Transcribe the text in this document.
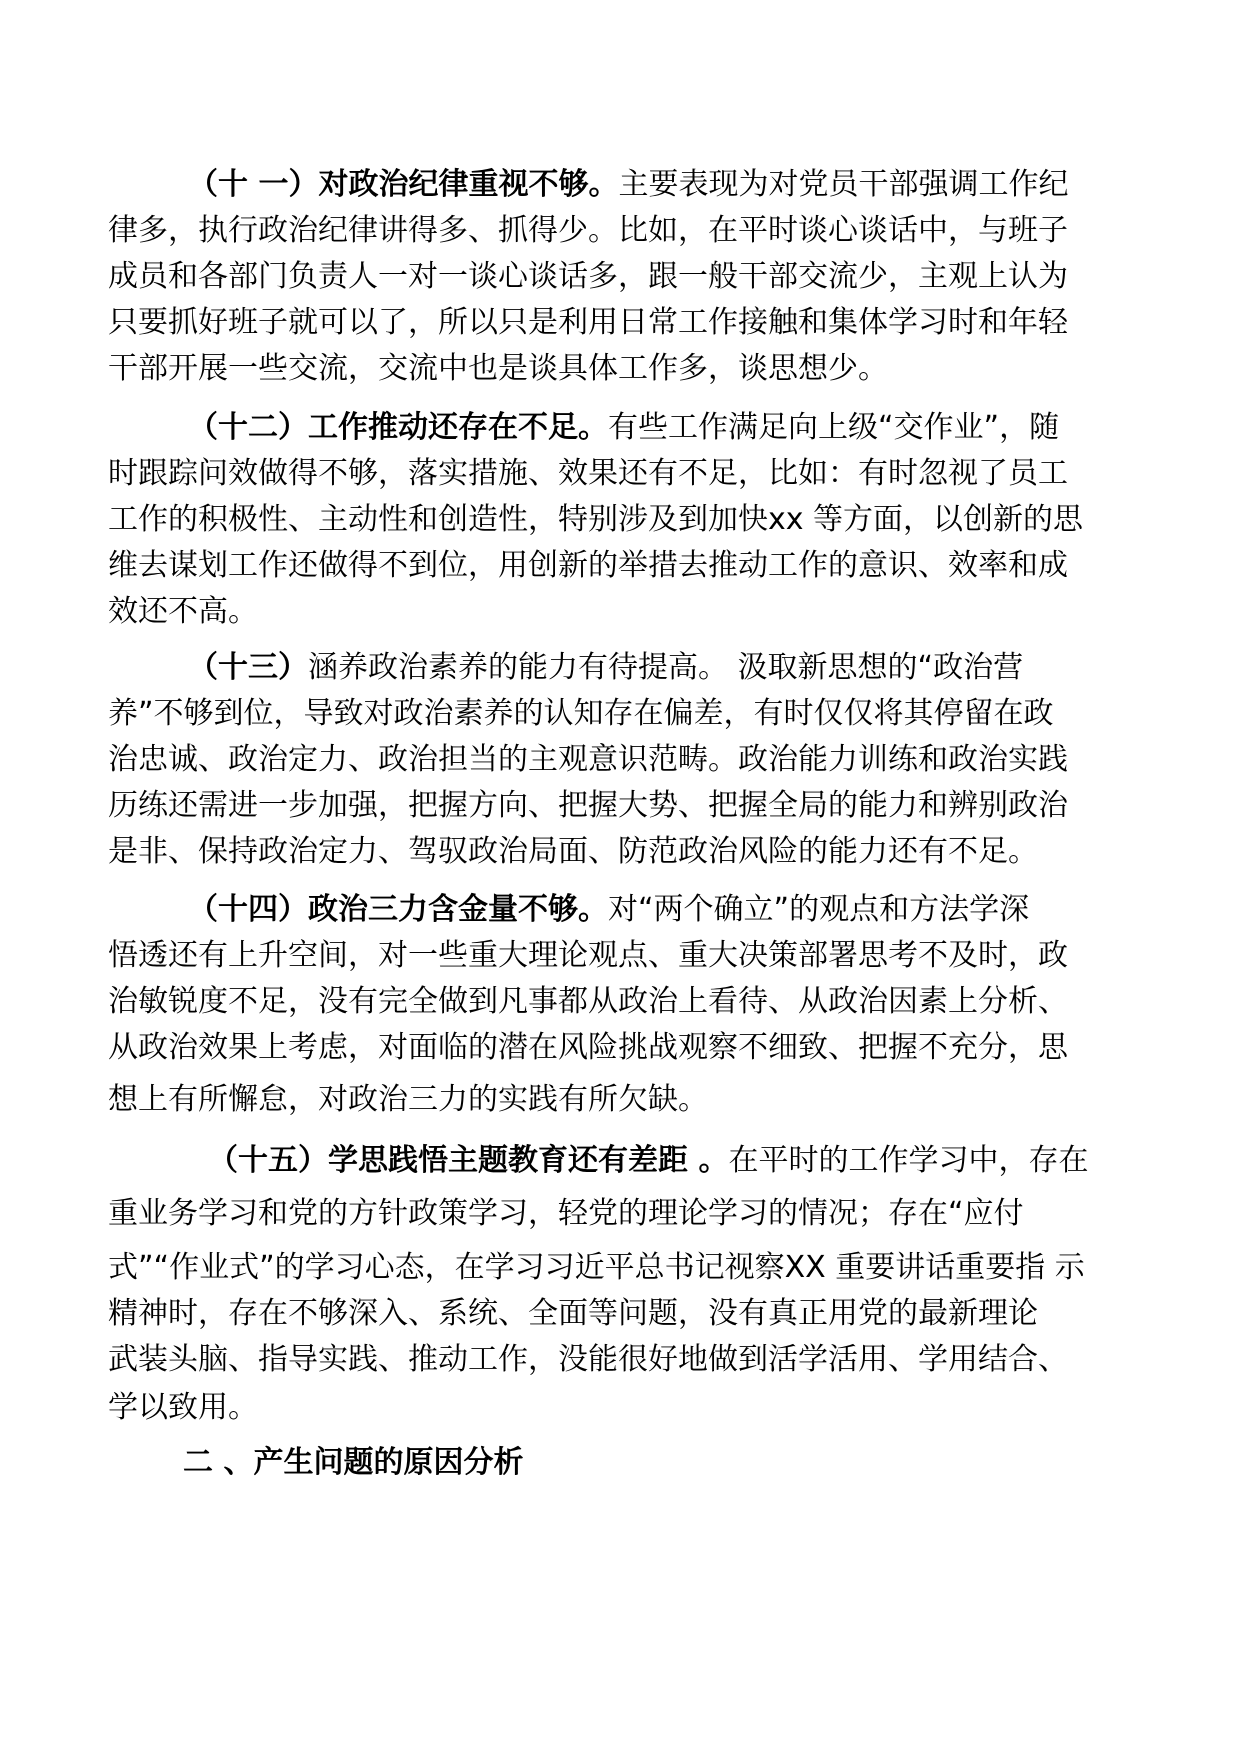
（十 一）对政治纪律重视不够。主要表现为对党员干部强调工作纪
律多，执行政治纪律讲得多、抓得少。比如，在平时谈心谈话中，与班子
成员和各部门负责人一对一谈心谈话多，跟一般干部交流少，主观上认为
只要抓好班子就可以了，所以只是利用日常工作接触和集体学习时和年轻
干部开展一些交流，交流中也是谈具体工作多，谈思想少。
（十二）工作推动还存在不足。有些工作满足向上级“交作业”，随
时跟踪问效做得不够，落实措施、效果还有不足，比如：有时忽视了员工
工作的积极性、主动性和创造性，特别涉及到加快xx 等方面，以创新的思
维去谋划工作还做得不到位，用创新的举措去推动工作的意识、效率和成
效还不高。
（十三）涵养政治素养的能力有待提高。 汲取新思想的“政治营
养”不够到位，导致对政治素养的认知存在偏差，有时仅仅将其停留在政
治忠诚、政治定力、政治担当的主观意识范畴。政治能力训练和政治实践
历练还需进一步加强，把握方向、把握大势、把握全局的能力和辨别政治
是非、保持政治定力、驾驭政治局面、防范政治风险的能力还有不足。
（十四）政治三力含金量不够。对“两个确立”的观点和方法学深
悟透还有上升空间，对一些重大理论观点、重大决策部署思考不及时，政
治敏锐度不足，没有完全做到凡事都从政治上看待、从政治因素上分析、
从政治效果上考虑，对面临的潜在风险挑战观察不细致、把握不充分，思
想上有所懈怠，对政治三力的实践有所欠缺。
（十五）学思践悟主题教育还有差距 。在平时的工作学习中，存在
重业务学习和党的方针政策学习，轻党的理论学习的情况；存在“应付
式”“作业式”的学习心态，在学习习近平总书记视察XX 重要讲话重要指 示
精神时，存在不够深入、系统、全面等问题，没有真正用党的最新理论
武装头脑、指导实践、推动工作，没能很好地做到活学活用、学用结合、
学以致用。
二 、产生问题的原因分析
